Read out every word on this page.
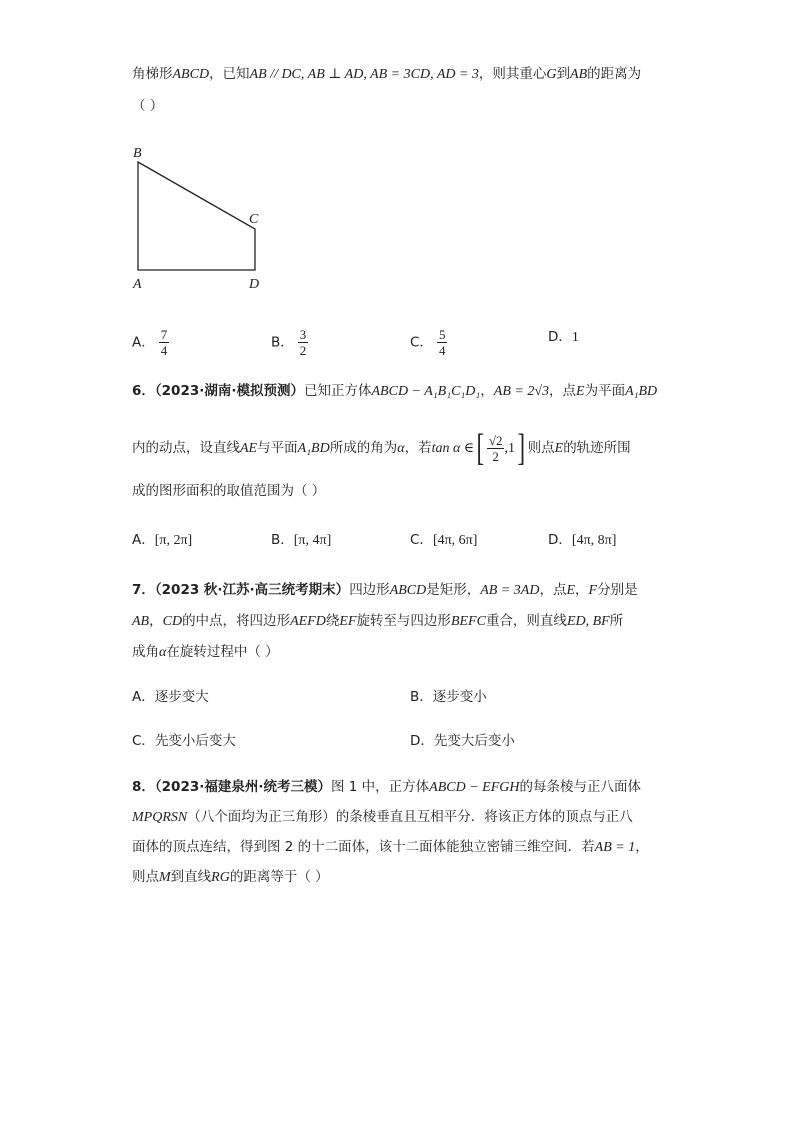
角梯形ABCD，已知AB // DC, AB ⊥ AD, AB = 3CD, AD = 3，则其重心G到AB的距离为
（ ）
B
C
A	D
A． $\frac{7}{4}$	B． $\frac{3}{2}$	C． $\frac{5}{4}$	D．1
6．（2023·湖南·模拟预测）已知正方体ABCD − A₁B₁C₁D₁，AB = 2√3，点E为平面A₁BD
内的动点，设直线AE与平面A₁BD所成的角为α，若tan α ∈[ $\frac{√2}{2} ,1$] 则点E的轨迹所围
成的图形面积的取值范围为（ ）
A．[π, 2π]	B．[π, 4π]	C．[4π, 6π]	D．[4π, 8π]
7．（2023 秋·江苏·高三统考期末）四边形ABCD是矩形，AB = 3AD，点E，F分别是
AB，CD的中点，将四边形AEFD绕EF旋转至与四边形BEFC重合，则直线ED, BF所
成角α在旋转过程中（ ）
A．逐步变大	B．逐步变小
C．先变小后变大	D．先变大后变小
8．（2023·福建泉州·统考三模）图 1 中，正方体ABCD − EFGH的每条棱与正八面体
MPQRSN（八个面均为正三角形）的条棱垂直且互相平分．将该正方体的顶点与正八
面体的顶点连结，得到图 2 的十二面体，该十二面体能独立密铺三维空间．若AB = 1，
则点M到直线RG的距离等于（ ）
